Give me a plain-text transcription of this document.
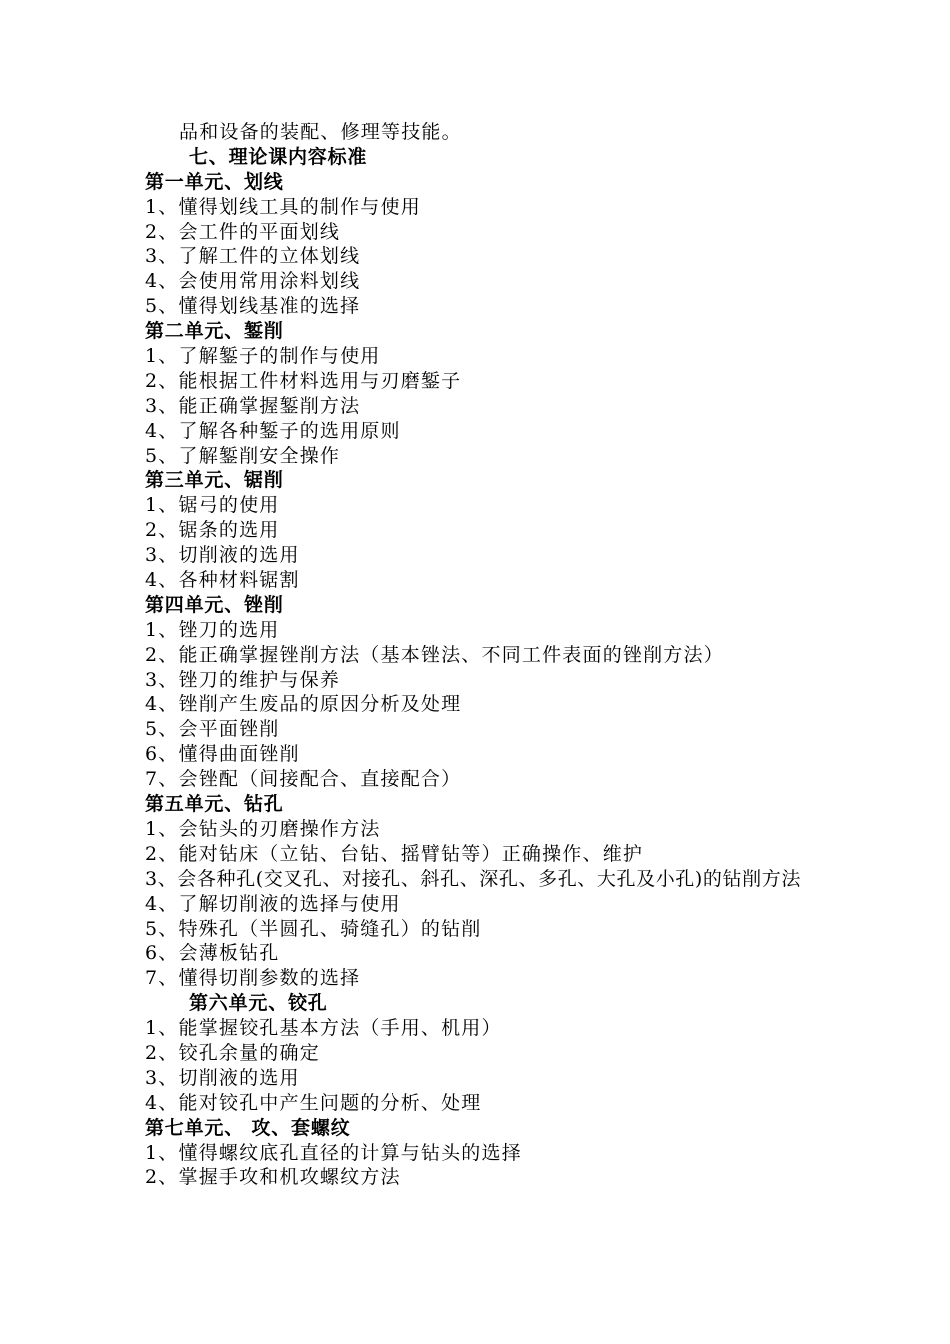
品和设备的装配、修理等技能。
七、理论课内容标准
第一单元、划线
1、懂得划线工具的制作与使用
2、会工件的平面划线
3、了解工件的立体划线
4、会使用常用涂料划线
5、懂得划线基准的选择
第二单元、錾削
1、了解錾子的制作与使用
2、能根据工件材料选用与刃磨錾子
3、能正确掌握錾削方法
4、了解各种錾子的选用原则
5、了解錾削安全操作
第三单元、锯削
1、锯弓的使用
2、锯条的选用
3、切削液的选用
4、各种材料锯割
第四单元、锉削
1、锉刀的选用
2、能正确掌握锉削方法（基本锉法、不同工件表面的锉削方法）
3、锉刀的维护与保养
4、锉削产生废品的原因分析及处理
5、会平面锉削
6、懂得曲面锉削
7、会锉配（间接配合、直接配合）
第五单元、钻孔
1、会钻头的刃磨操作方法
2、能对钻床（立钻、台钻、摇臂钻等）正确操作、维护
3、会各种孔(交叉孔、对接孔、斜孔、深孔、多孔、大孔及小孔)的钻削方法
4、了解切削液的选择与使用
5、特殊孔（半圆孔、骑缝孔）的钻削
6、会薄板钻孔
7、懂得切削参数的选择
第六单元、铰孔
1、能掌握铰孔基本方法（手用、机用）
2、铰孔余量的确定
3、切削液的选用
4、能对铰孔中产生问题的分析、处理
第七单元、 攻、套螺纹
1、懂得螺纹底孔直径的计算与钻头的选择
2、掌握手攻和机攻螺纹方法
